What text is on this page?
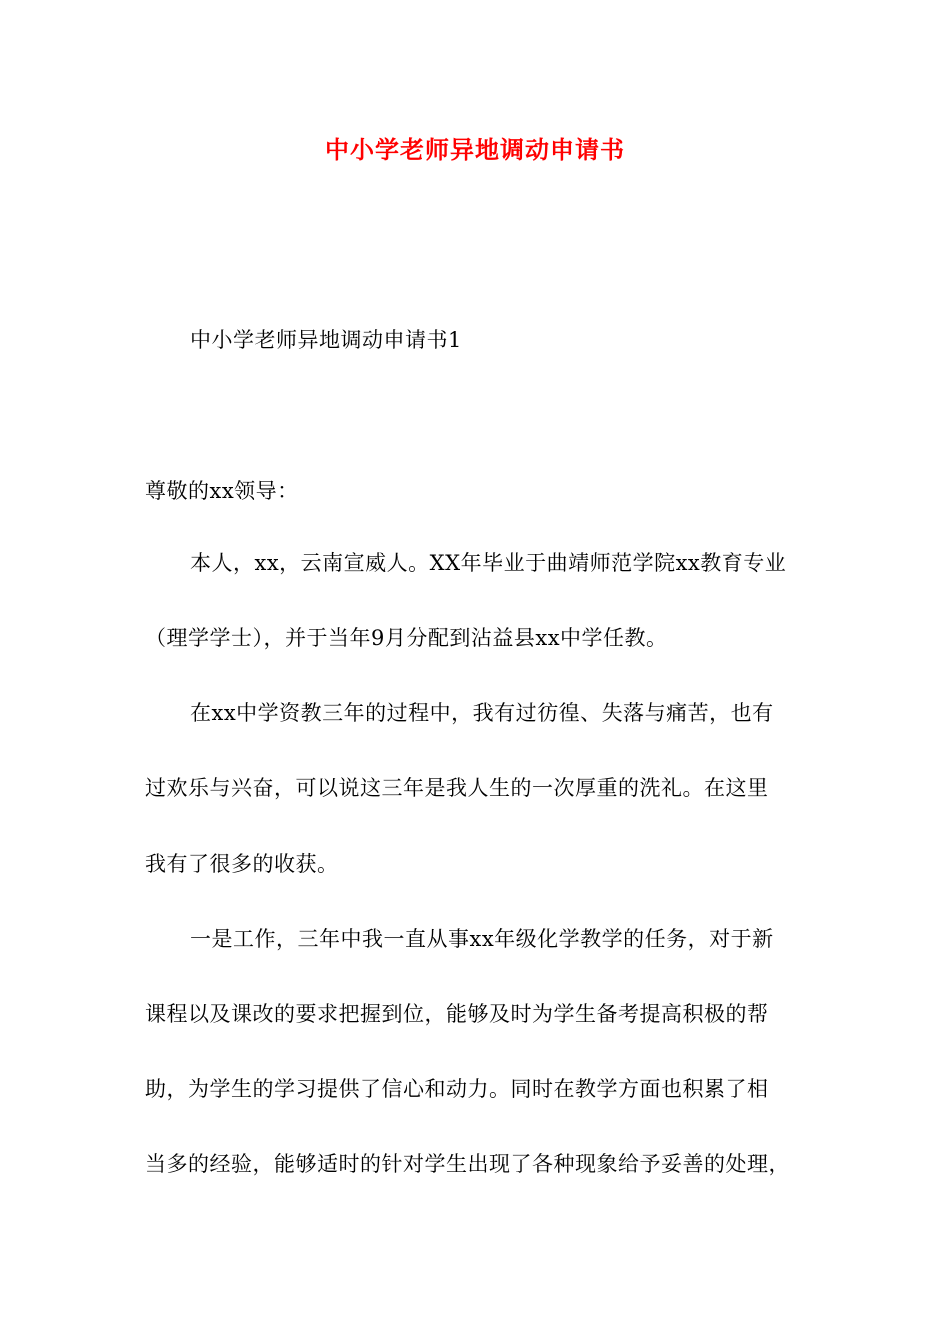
中小学老师异地调动申请书
中小学老师异地调动申请书1
尊敬的xx领导：
本人，xx，云南宣威人。XX年毕业于曲靖师范学院xx教育专业
（理学学士），并于当年9月分配到沾益县xx中学任教。
在xx中学资教三年的过程中，我有过彷徨、失落与痛苦，也有
过欢乐与兴奋，可以说这三年是我人生的一次厚重的洗礼。在这里
我有了很多的收获。
一是工作，三年中我一直从事xx年级化学教学的任务，对于新
课程以及课改的要求把握到位，能够及时为学生备考提高积极的帮
助，为学生的学习提供了信心和动力。同时在教学方面也积累了相
当多的经验，能够适时的针对学生出现了各种现象给予妥善的处理，
